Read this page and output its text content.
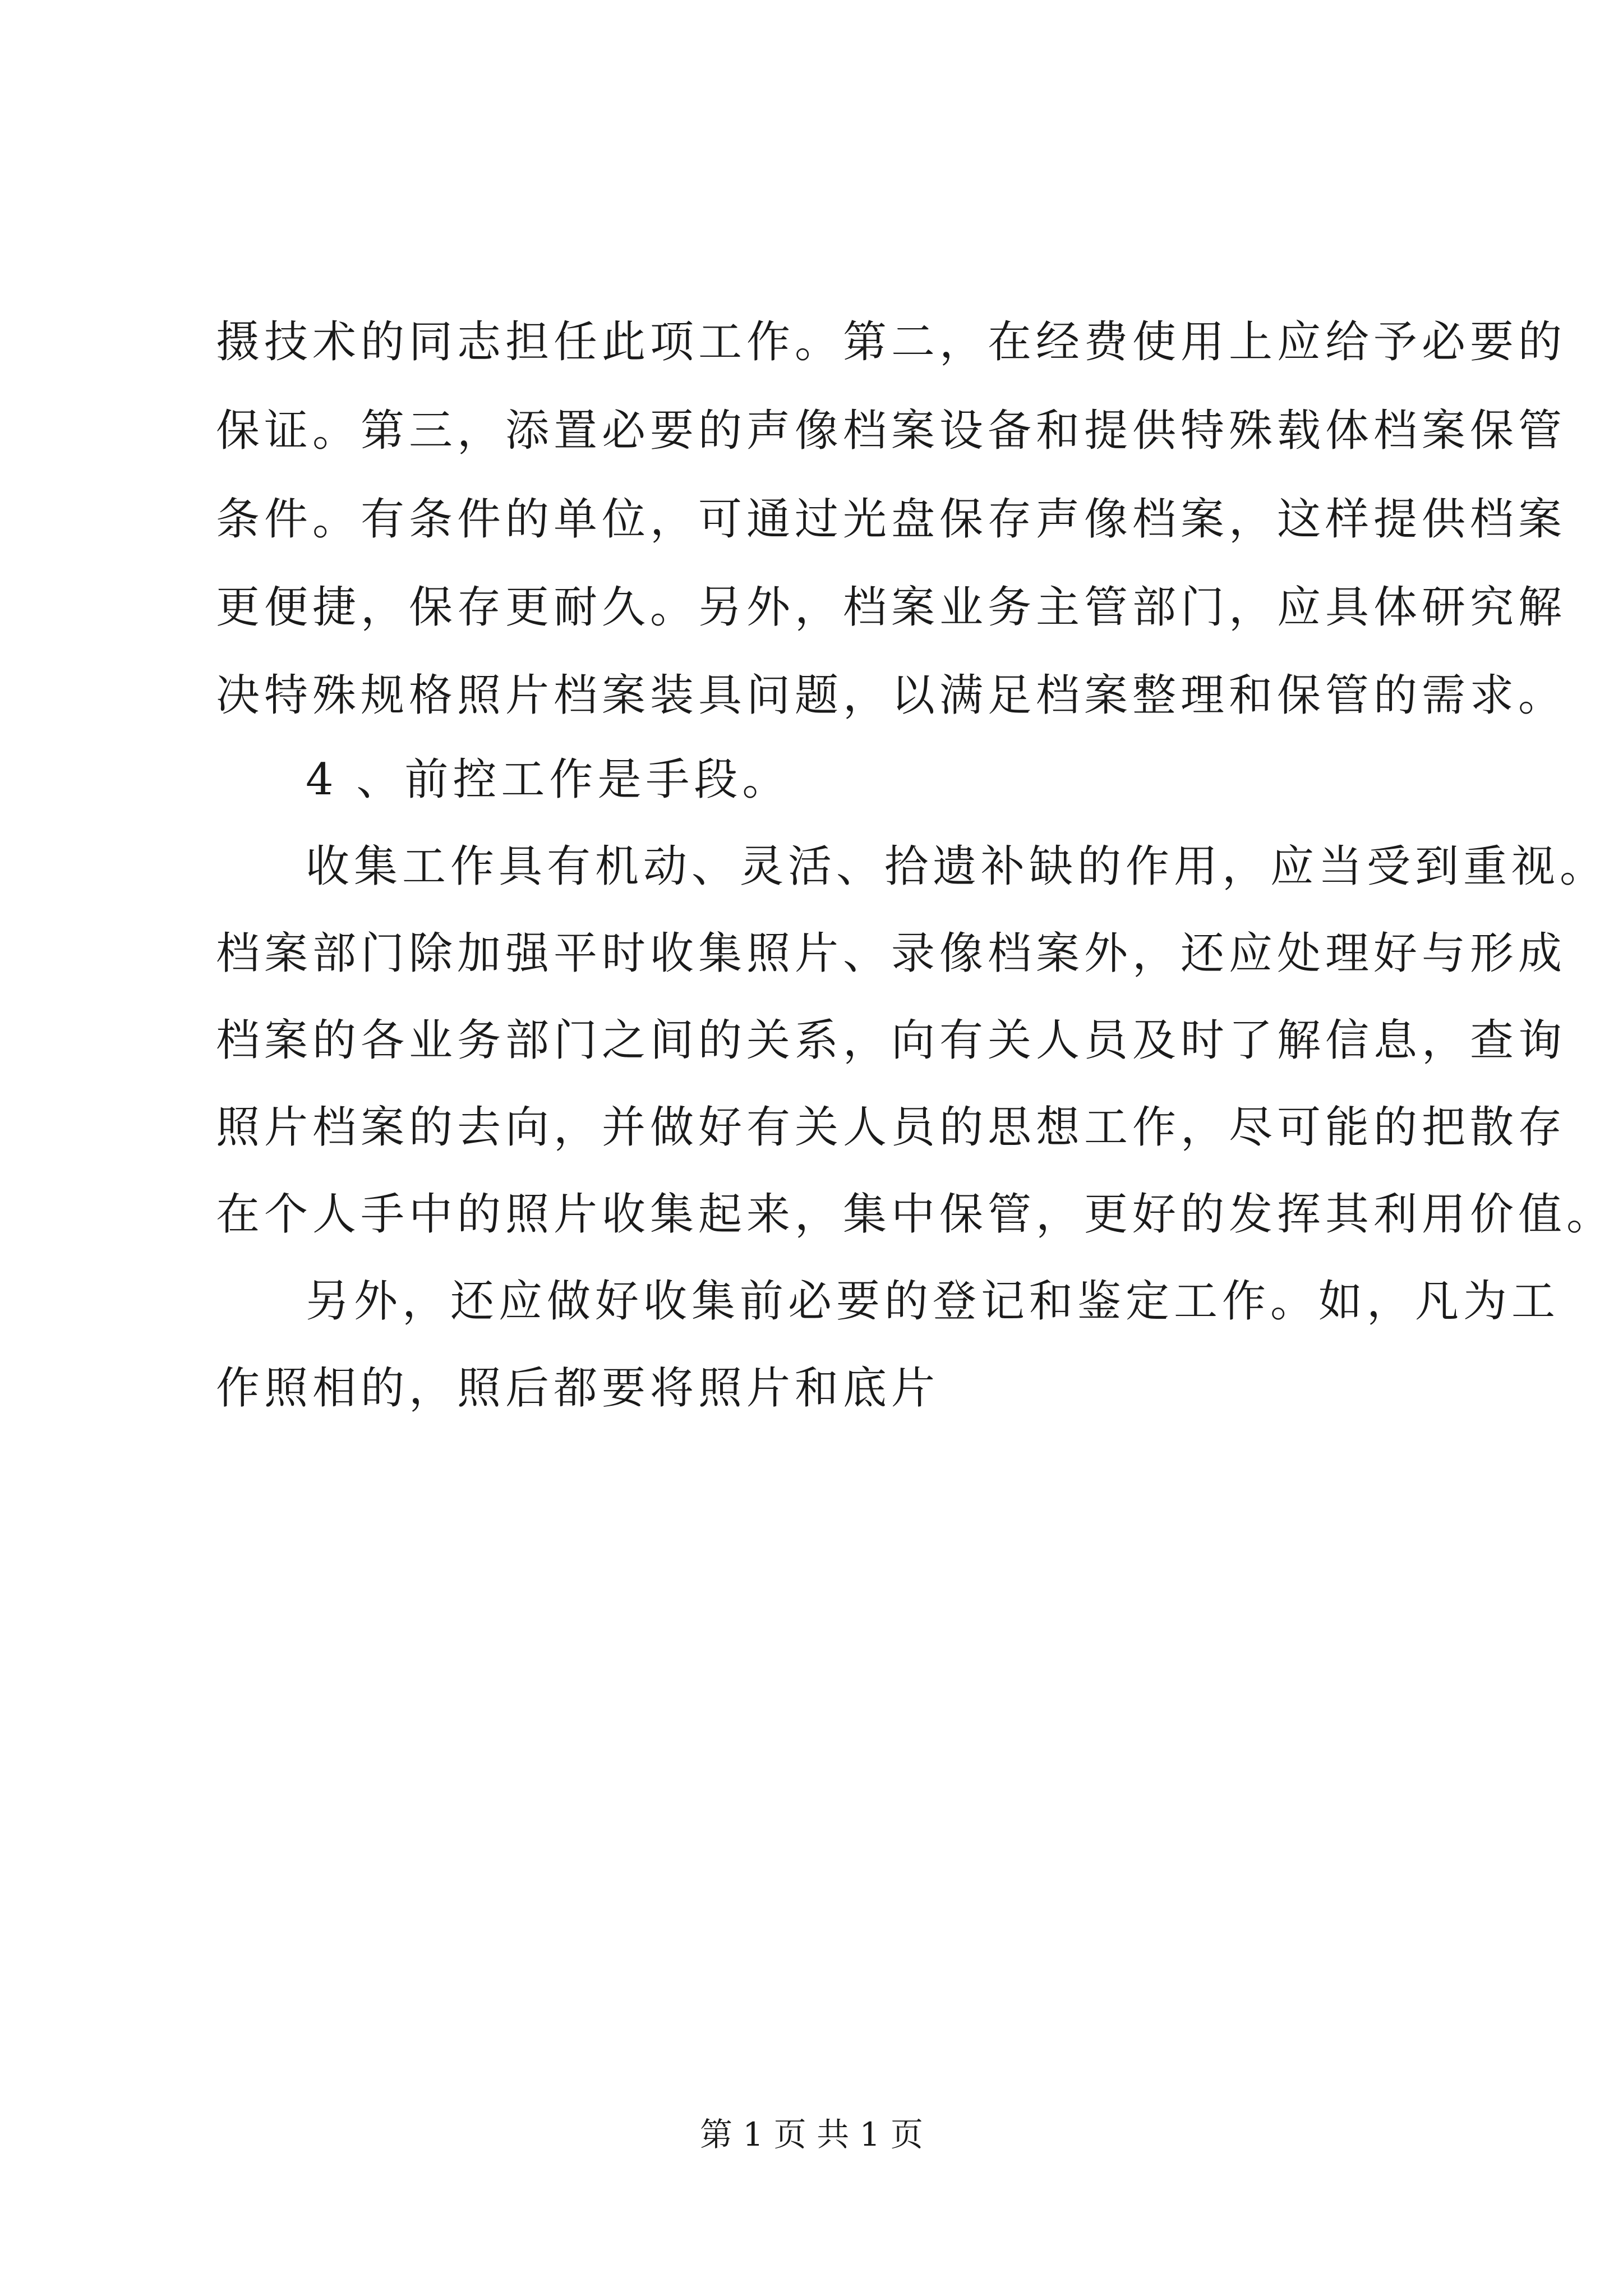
摄技术的同志担任此项工作。第二，在经费使用上应给予必要的
保证。第三，添置必要的声像档案设备和提供特殊载体档案保管
条件。有条件的单位，可通过光盘保存声像档案，这样提供档案
更便捷，保存更耐久。另外，档案业务主管部门，应具体研究解
决特殊规格照片档案装具问题，以满足档案整理和保管的需求。
4 、前控工作是手段。
收集工作具有机动、灵活、拾遗补缺的作用，应当受到重视。
档案部门除加强平时收集照片、录像档案外，还应处理好与形成
档案的各业务部门之间的关系，向有关人员及时了解信息，查询
照片档案的去向，并做好有关人员的思想工作，尽可能的把散存
在个人手中的照片收集起来，集中保管，更好的发挥其利用价值。
另外，还应做好收集前必要的登记和鉴定工作。如，凡为工
作照相的，照后都要将照片和底片
第 1 页 共 1 页
